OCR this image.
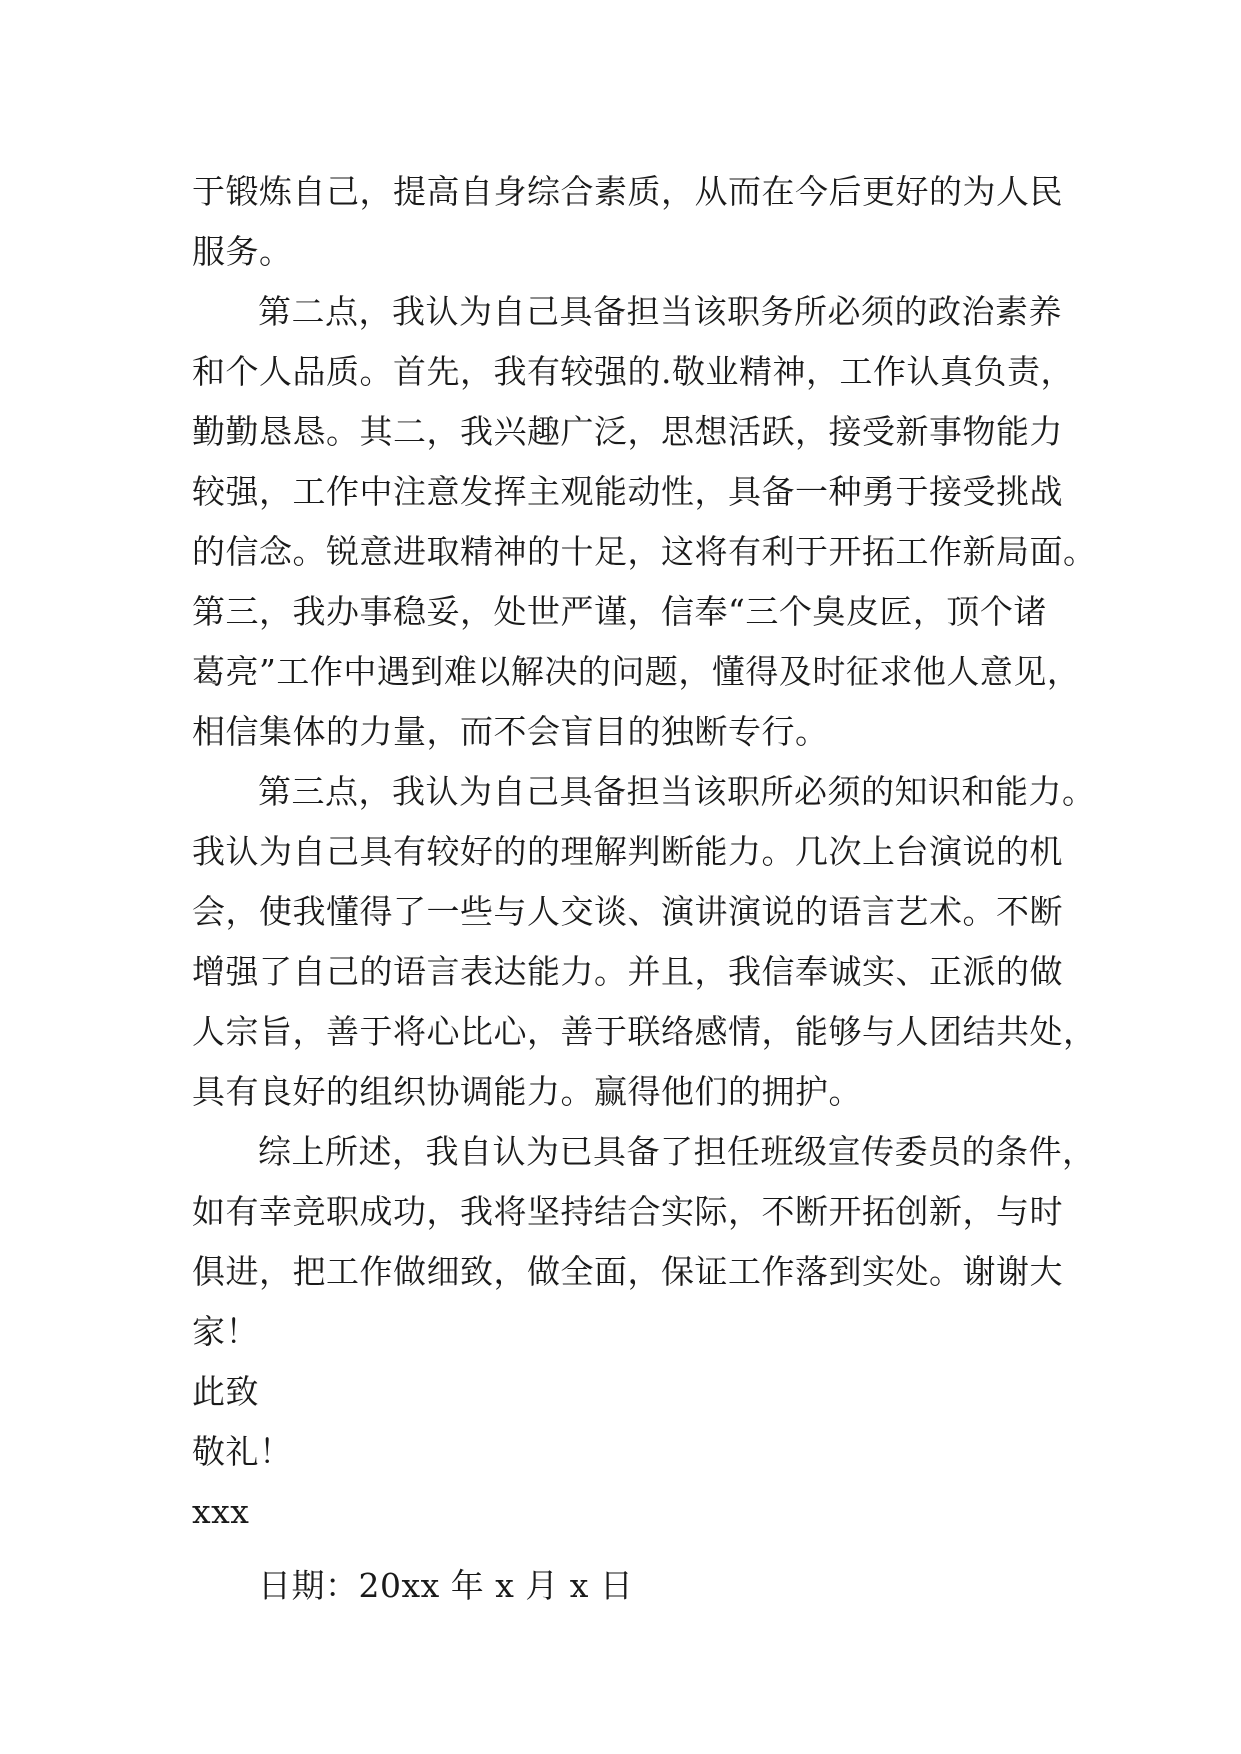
于锻炼自己，提高自身综合素质，从而在今后更好的为人民
服务。
第二点，我认为自己具备担当该职务所必须的政治素养
和个人品质。首先，我有较强的.敬业精神，工作认真负责，
勤勤恳恳。其二，我兴趣广泛，思想活跃，接受新事物能力
较强，工作中注意发挥主观能动性，具备一种勇于接受挑战
的信念。锐意进取精神的十足，这将有利于开拓工作新局面。
第三，我办事稳妥，处世严谨，信奉“三个臭皮匠，顶个诸
葛亮”工作中遇到难以解决的问题，懂得及时征求他人意见，
相信集体的力量，而不会盲目的独断专行。
第三点，我认为自己具备担当该职所必须的知识和能力。
我认为自己具有较好的的理解判断能力。几次上台演说的机
会，使我懂得了一些与人交谈、演讲演说的语言艺术。不断
增强了自己的语言表达能力。并且，我信奉诚实、正派的做
人宗旨，善于将心比心，善于联络感情，能够与人团结共处，
具有良好的组织协调能力。赢得他们的拥护。
综上所述，我自认为已具备了担任班级宣传委员的条件，
如有幸竞职成功，我将坚持结合实际，不断开拓创新，与时
俱进，把工作做细致，做全面，保证工作落到实处。谢谢大
家！
此致
敬礼！
xxx
日期：20xx 年 x 月 x 日
